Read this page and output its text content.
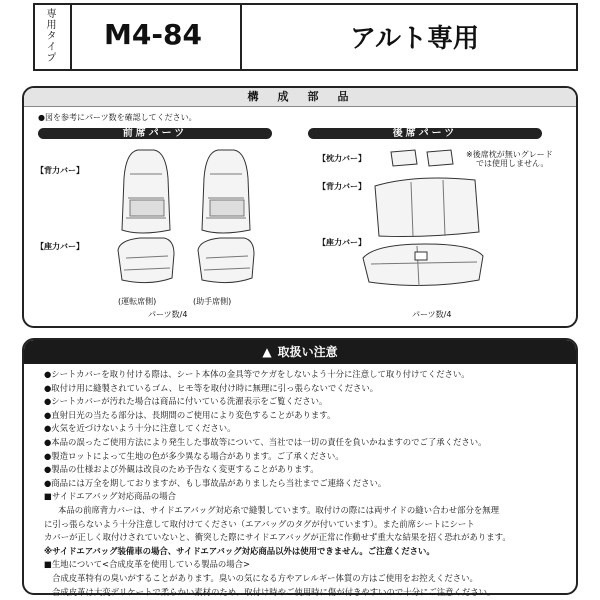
専用タイプ M4-84	アルト専用
構　成　部　品
●図を参考にパーツ数を確認してください。
前席パーツ	後席パーツ
【背力バー】
【座力バー】
(運転席側)	(助手席側)
パーツ数/4
【枕力バー】
【背力バー】
【座力バー】
※後席枕が無いグレード
では使用しません。
パーツ数/4
▲ 取扱い注意
●シートカバーを取り付ける際は、シート本体の金具等でケガをしないよう十分に注意して取り付けてください。
●取付け用に縫製されているゴム、ヒモ等を取付け時に無理に引っ張らないでください。
●シートカバーが汚れた場合は商品に付いている洗濯表示をご覧ください。
●直射日光の当たる部分は、長期間のご使用により変色することがあります。
●火気を近づけないよう十分に注意してください。
●本品の誤ったご使用方法により発生した事故等について、当社では一切の責任を負いかねますのでご了承ください。
●製造ロットによって生地の色が多少異なる場合があります。ご了承ください。
●製品の仕様および外観は改良のため予告なく変更することがあります。
●商品には万全を期しておりますが、もし事故品がありましたら当社までご連絡ください。
■サイドエアバッグ対応商品の場合
本品の前席背力バーは、サイドエアバッグ対応糸で縫製しています。取付けの際には両サイドの縫い合わせ部分を無理
に引っ張らないよう十分注意して取付けてください（エアバッグのタグが付いています）。また前席シートにシート
カバーが正しく取付けされていないと、衝突した際にサイドエアバッグが正常に作動せず重大な結果を招く恐れがあります。
※サイドエアバッグ装備車の場合、サイドエアバッグ対応商品以外は使用できません。ご注意ください。
■生地について<合成皮革を使用している製品の場合>
合成皮革特有の臭いがすることがあります。臭いの気になる方やアレルギー体質の方はご使用をお控えください。
合成皮革は大変デリケートで柔らかい素材のため、取付け時やご使用時に傷が付きやすいので十分にご注意ください。
